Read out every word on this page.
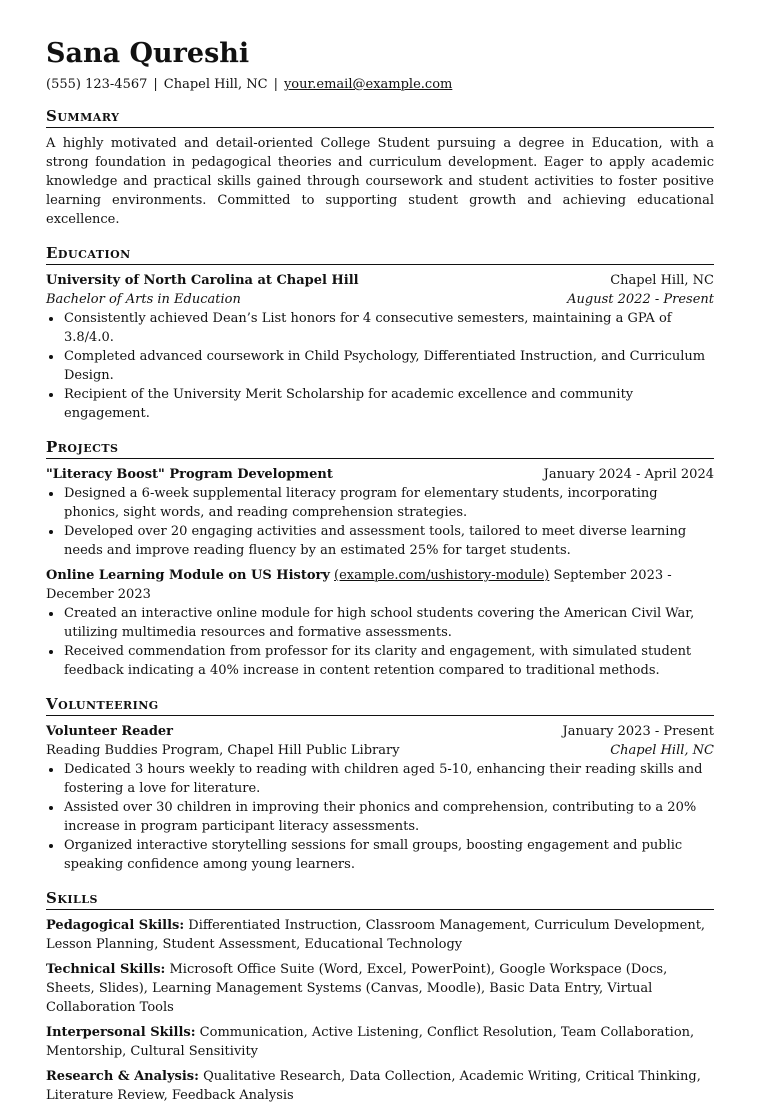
Sana Qureshi
(555) 123-4567 | Chapel Hill, NC | your.email@example.com
Summary
A highly motivated and detail-oriented College Student pursuing a degree in Education, with a strong foundation in pedagogical theories and curriculum development. Eager to apply academic knowledge and practical skills gained through coursework and student activities to foster positive learning environments. Committed to supporting student growth and achieving educational excellence.
Education
University of North Carolina at Chapel Hill	Chapel Hill, NC
Bachelor of Arts in Education	August 2022 - Present
• Consistently achieved Dean’s List honors for 4 consecutive semesters, maintaining a GPA of 3.8/4.0.
• Completed advanced coursework in Child Psychology, Differentiated Instruction, and Curriculum Design.
• Recipient of the University Merit Scholarship for academic excellence and community engagement.
Projects
"Literacy Boost" Program Development	January 2024 - April 2024
• Designed a 6-week supplemental literacy program for elementary students, incorporating phonics, sight words, and reading comprehension strategies.
• Developed over 20 engaging activities and assessment tools, tailored to meet diverse learning needs and improve reading fluency by an estimated 25% for target students.
Online Learning Module on US History (example.com/ushistory-module) September 2023 - December 2023
• Created an interactive online module for high school students covering the American Civil War, utilizing multimedia resources and formative assessments.
• Received commendation from professor for its clarity and engagement, with simulated student feedback indicating a 40% increase in content retention compared to traditional methods.
Volunteering
Volunteer Reader	January 2023 - Present
Reading Buddies Program, Chapel Hill Public Library	Chapel Hill, NC
• Dedicated 3 hours weekly to reading with children aged 5-10, enhancing their reading skills and fostering a love for literature.
• Assisted over 30 children in improving their phonics and comprehension, contributing to a 20% increase in program participant literacy assessments.
• Organized interactive storytelling sessions for small groups, boosting engagement and public speaking confidence among young learners.
Skills
Pedagogical Skills: Differentiated Instruction, Classroom Management, Curriculum Development, Lesson Planning, Student Assessment, Educational Technology
Technical Skills: Microsoft Office Suite (Word, Excel, PowerPoint), Google Workspace (Docs, Sheets, Slides), Learning Management Systems (Canvas, Moodle), Basic Data Entry, Virtual Collaboration Tools
Interpersonal Skills: Communication, Active Listening, Conflict Resolution, Team Collaboration, Mentorship, Cultural Sensitivity
Research & Analysis: Qualitative Research, Data Collection, Academic Writing, Critical Thinking, Literature Review, Feedback Analysis
